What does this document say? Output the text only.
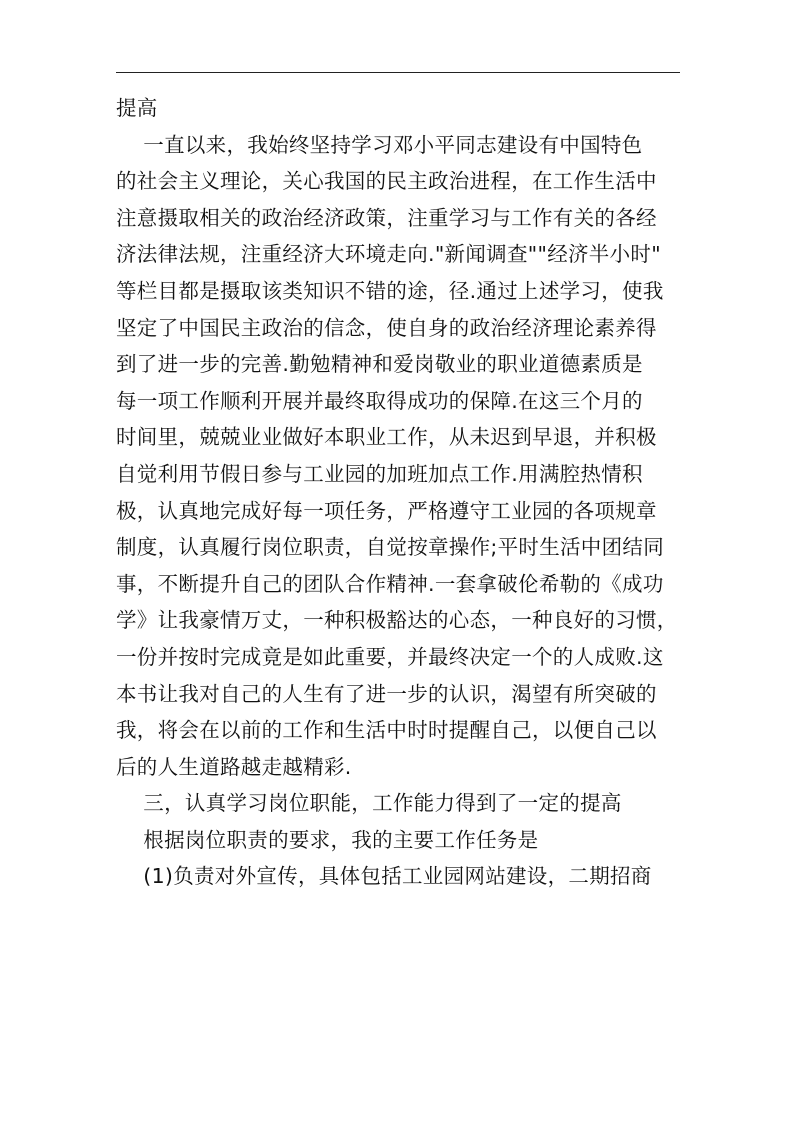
提高
一直以来，我始终坚持学习邓小平同志建设有中国特色
的社会主义理论，关心我国的民主政治进程，在工作生活中
注意摄取相关的政治经济政策，注重学习与工作有关的各经
济法律法规，注重经济大环境走向."新闻调查""经济半小时"
等栏目都是摄取该类知识不错的途，径.通过上述学习，使我
坚定了中国民主政治的信念，使自身的政治经济理论素养得
到了进一步的完善.勤勉精神和爱岗敬业的职业道德素质是
每一项工作顺利开展并最终取得成功的保障.在这三个月的
时间里，兢兢业业做好本职业工作，从未迟到早退，并积极
自觉利用节假日参与工业园的加班加点工作.用满腔热情积
极，认真地完成好每一项任务，严格遵守工业园的各项规章
制度，认真履行岗位职责，自觉按章操作;平时生活中团结同
事，不断提升自己的团队合作精神.一套拿破伦希勒的《成功
学》让我豪情万丈，一种积极豁达的心态，一种良好的习惯，
一份并按时完成竟是如此重要，并最终决定一个的人成败.这
本书让我对自己的人生有了进一步的认识，渴望有所突破的
我，将会在以前的工作和生活中时时提醒自己，以便自己以
后的人生道路越走越精彩.
三，认真学习岗位职能，工作能力得到了一定的提高
根据岗位职责的要求，我的主要工作任务是
(1)负责对外宣传，具体包括工业园网站建设，二期招商
